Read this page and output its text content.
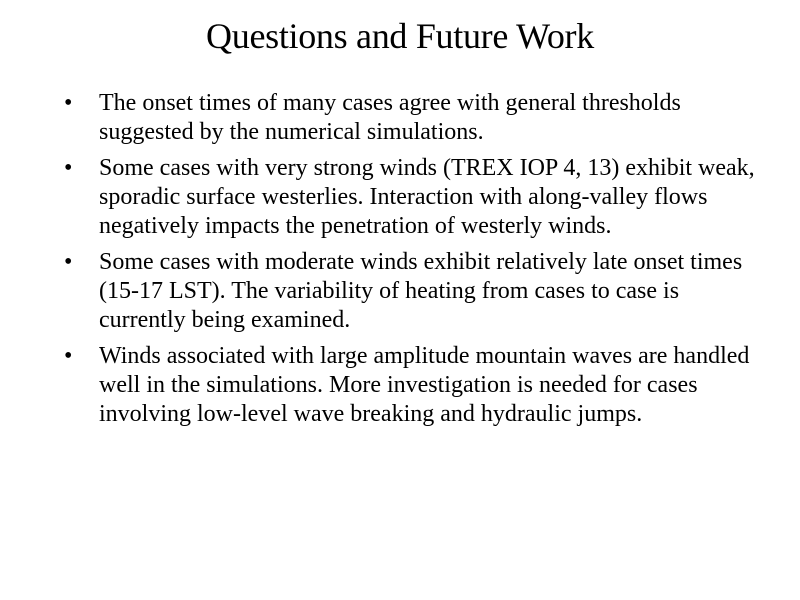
Questions and Future Work
•	The onset times of many cases agree with general thresholds suggested by the numerical simulations.
•	Some cases with very strong winds (TREX IOP 4, 13) exhibit weak, sporadic surface westerlies. Interaction with along-valley flows negatively impacts the penetration of westerly winds.
•	Some cases with moderate winds exhibit relatively late onset times (15-17 LST). The variability of heating from cases to case is currently being examined.
•	Winds associated with large amplitude mountain waves are handled well in the simulations. More investigation is needed for cases involving low-level wave breaking and hydraulic jumps.
